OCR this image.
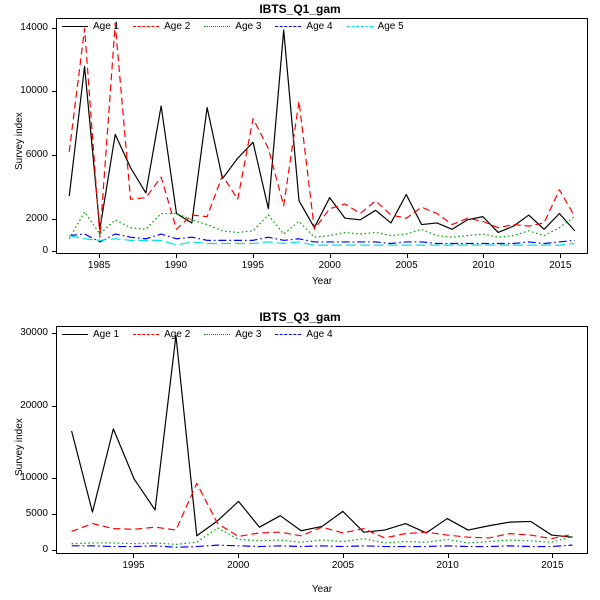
IBTS_Q1_gam
Survey index
Year
0
2000
6000
10000
14000
1985	1990	1995	2000	2005	2010	2015
Age 1	Age 2	Age 3	Age 4	Age 5
IBTS_Q3_gam
Survey index
Year
0
5000
10000
20000
30000
1995	2000	2005	2010	2015
Age 1	Age 2	Age 3	Age 4
